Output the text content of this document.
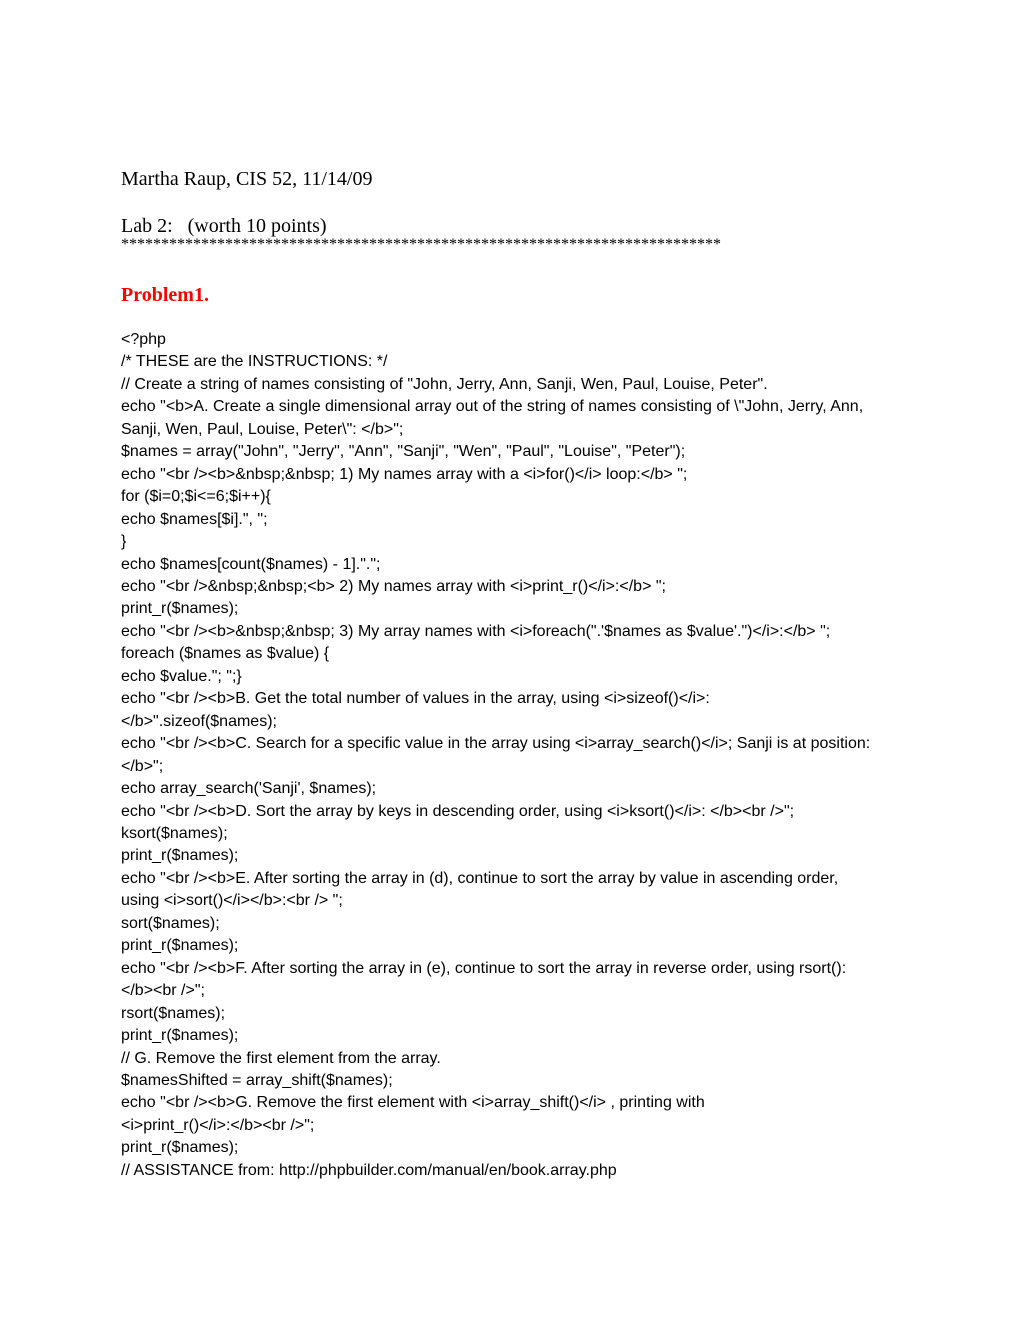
Martha Raup, CIS 52, 11/14/09
Lab 2:   (worth 10 points)
***************************************************************************
Problem1.
<?php
/* THESE are the INSTRUCTIONS: */
// Create a string of names consisting of "John, Jerry, Ann, Sanji, Wen, Paul, Louise, Peter".
echo "<b>A. Create a single dimensional array out of the string of names consisting of \"John, Jerry, Ann,
Sanji, Wen, Paul, Louise, Peter\": </b>";
$names = array("John", "Jerry", "Ann", "Sanji", "Wen", "Paul", "Louise", "Peter");
echo "<br /><b>&nbsp;&nbsp; 1) My names array with a <i>for()</i> loop:</b> ";
for ($i=0;$i<=6;$i++){
echo $names[$i].", ";
}
echo $names[count($names) - 1].".";
echo "<br />&nbsp;&nbsp;<b> 2) My names array with <i>print_r()</i>:</b> ";
print_r($names);
echo "<br /><b>&nbsp;&nbsp; 3) My array names with <i>foreach(".'$names as $value'.")</i>:</b> ";
foreach ($names as $value) {
echo $value."; ";}
echo "<br /><b>B. Get the total number of values in the array, using <i>sizeof()</i>:
</b>".sizeof($names);
echo "<br /><b>C. Search for a specific value in the array using <i>array_search()</i>; Sanji is at position:
</b>";
echo array_search('Sanji', $names);
echo "<br /><b>D. Sort the array by keys in descending order, using <i>ksort()</i>: </b><br />";
ksort($names);
print_r($names);
echo "<br /><b>E. After sorting the array in (d), continue to sort the array by value in ascending order,
using <i>sort()</i></b>:<br /> ";
sort($names);
print_r($names);
echo "<br /><b>F. After sorting the array in (e), continue to sort the array in reverse order, using rsort():
</b><br />";
rsort($names);
print_r($names);
// G. Remove the first element from the array.
$namesShifted = array_shift($names);
echo "<br /><b>G. Remove the first element with <i>array_shift()</i> , printing with
<i>print_r()</i>:</b><br />";
print_r($names);
// ASSISTANCE from: http://phpbuilder.com/manual/en/book.array.php
